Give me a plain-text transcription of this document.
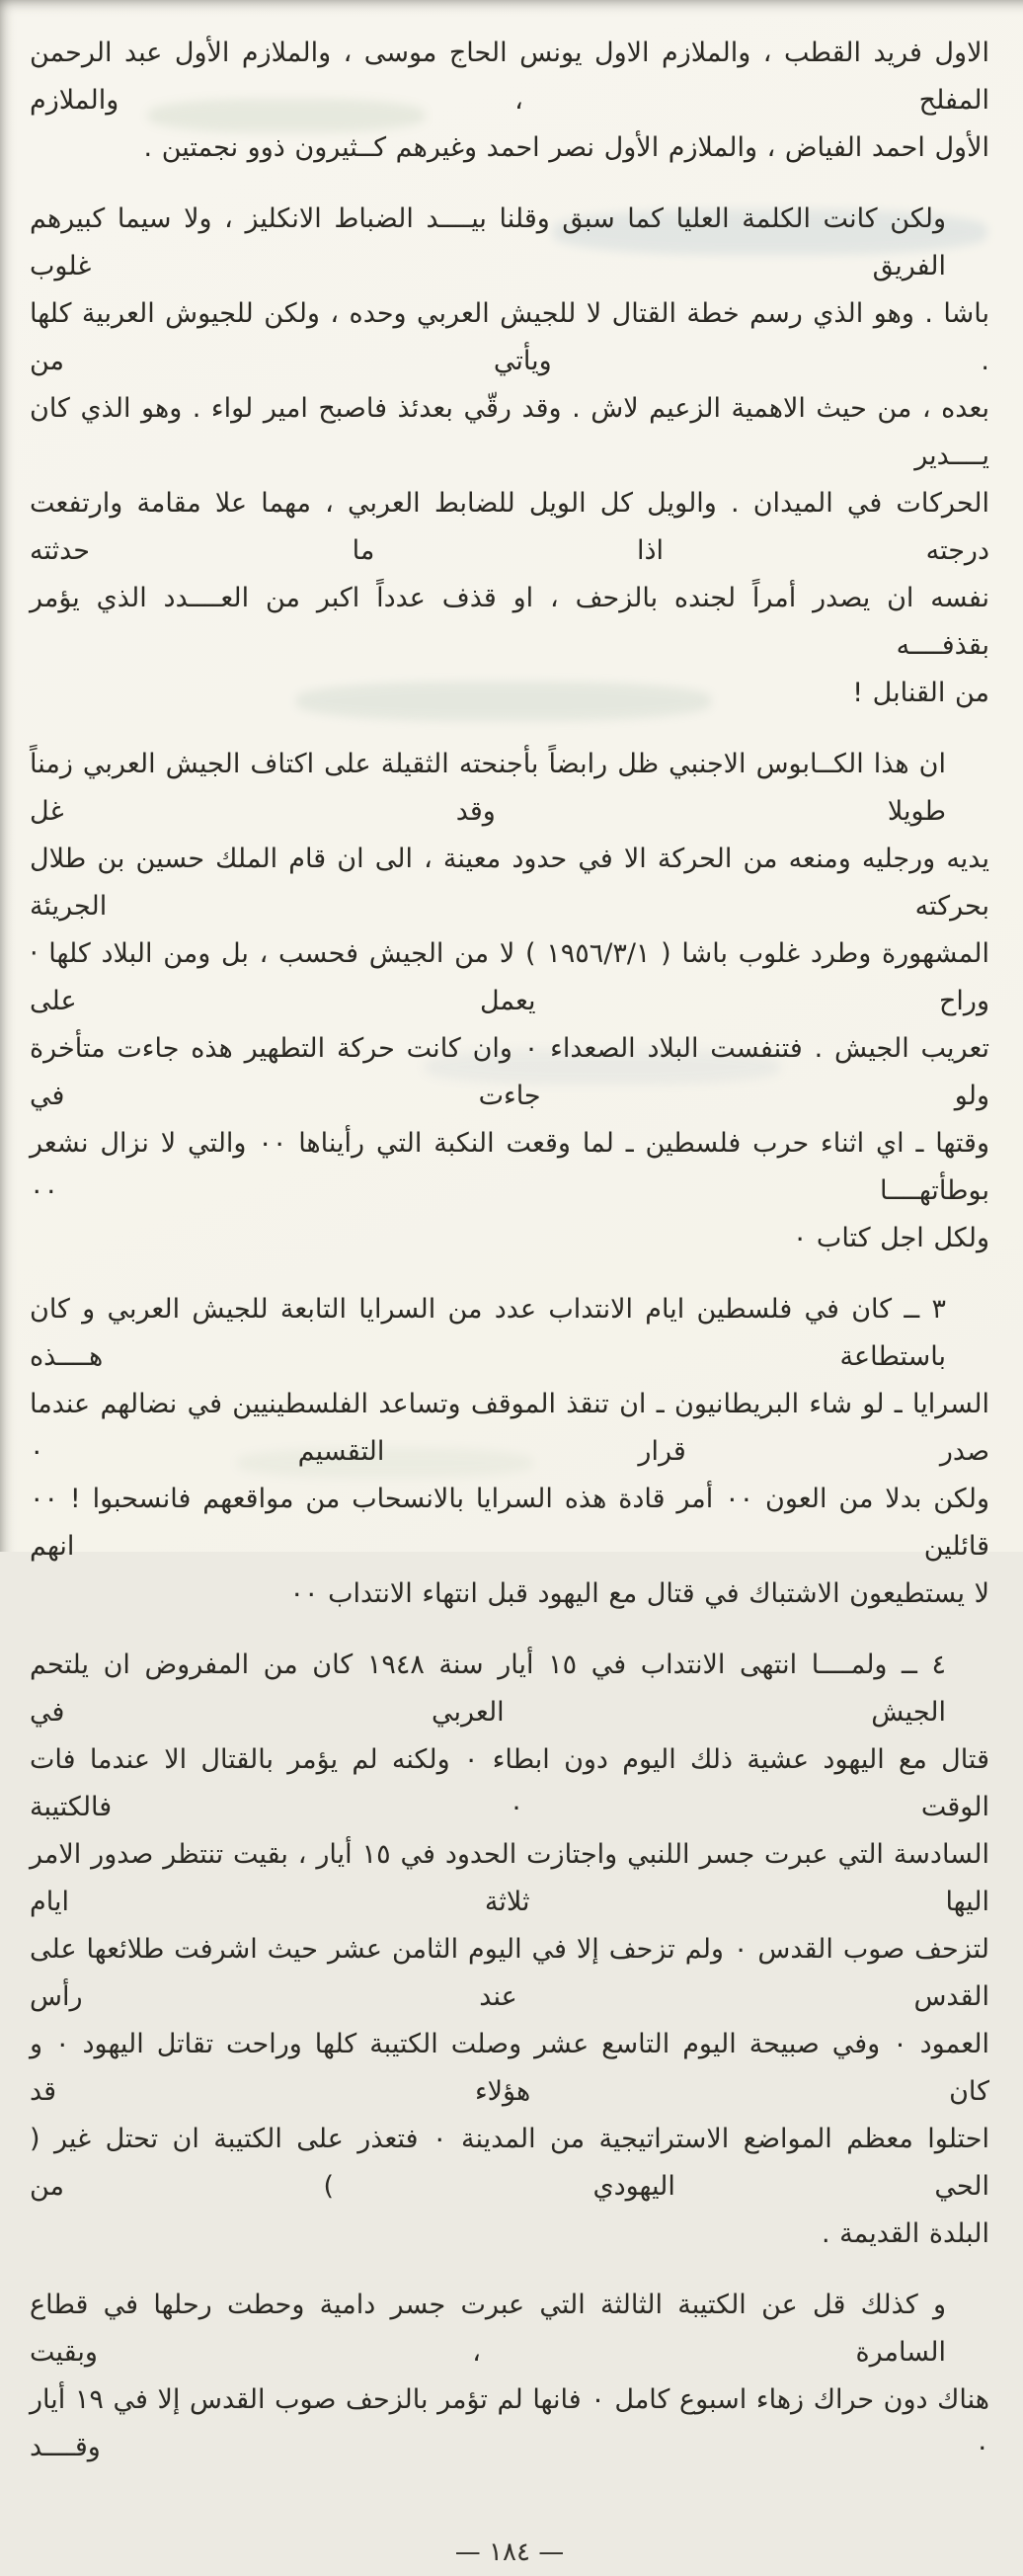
الاول فريد القطب ، والملازم الاول يونس الحاج موسى ، والملازم الأول عبد الرحمن المفلح ، والملازم
الأول احمد الفياض ، والملازم الأول نصر احمد وغيرهم كــثيرون ذوو نجمتين .
ولكن كانت الكلمة العليا كما سبق وقلنا بيــــد الضباط الانكليز ، ولا سيما كبيرهم الفريق غلوب
باشا . وهو الذي رسم خطة القتال لا للجيش العربي وحده ، ولكن للجيوش العربية كلها . ويأتي من
بعده ، من حيث الاهمية الزعيم لاش . وقد رقّي بعدئذ فاصبح امير لواء . وهو الذي كان يــــدير
الحركات في الميدان . والويل كل الويل للضابط العربي ، مهما علا مقامة وارتفعت درجته اذا ما حدثته
نفسه ان يصدر أمراً لجنده بالزحف ، او قذف عدداً اكبر من العــــدد الذي يؤمر بقذفــــه
من القنابل !
ان هذا الكــابوس الاجنبي ظل رابضاً بأجنحته الثقيلة على اكتاف الجيش العربي زمناً طويلا وقد غل
يديه ورجليه ومنعه من الحركة الا في حدود معينة ، الى ان قام الملك حسين بن طلال بحركته الجريئة
المشهورة وطرد غلوب باشا ( ١٩٥٦/٣/١ ) لا من الجيش فحسب ، بل ومن البلاد كلها · وراح يعمل على
تعريب الجيش . فتنفست البلاد الصعداء ٠ وان كانت حركة التطهير هذه جاءت متأخرة ولو جاءت في
وقتها ـ اي اثناء حرب فلسطين ـ لما وقعت النكبة التي رأيناها ٠٠ والتي لا نزال نشعر بوطأتهــــا ٠٠
ولكل اجل كتاب ٠
٣ ــ كان في فلسطين ايام الانتداب عدد من السرايا التابعة للجيش العربي و كان باستطاعة هــــذه
السرايا ـ لو شاء البريطانيون ـ ان تنقذ الموقف وتساعد الفلسطينيين في نضالهم عندما صدر قرار التقسيم ٠
ولكن بدلا من العون ٠٠ أمر قادة هذه السرايا بالانسحاب من مواقعهم فانسحبوا ! ٠٠ قائلين انهم
لا يستطيعون الاشتباك في قتال مع اليهود قبل انتهاء الانتداب ٠٠
٤ ــ ولمــــا انتهى الانتداب في ١٥ أيار سنة ١٩٤٨ كان من المفروض ان يلتحم الجيش العربي في
قتال مع اليهود عشية ذلك اليوم دون ابطاء ٠ ولكنه لم يؤمر بالقتال الا عندما فات الوقت ٠ فالكتيبة
السادسة التي عبرت جسر اللنبي واجتازت الحدود في ١٥ أيار ، بقيت تنتظر صدور الامر اليها ثلاثة ايام
لتزحف صوب القدس ٠ ولم تزحف إلا في اليوم الثامن عشر حيث اشرفت طلائعها على القدس عند رأس
العمود ٠ وفي صبيحة اليوم التاسع عشر وصلت الكتيبة كلها وراحت تقاتل اليهود ٠ و كان هؤلاء قد
احتلوا معظم المواضع الاستراتيجية من المدينة ٠ فتعذر على الكتيبة ان تحتل غير ( الحي اليهودي ) من
البلدة القديمة .
و كذلك قل عن الكتيبة الثالثة التي عبرت جسر دامية وحطت رحلها في قطاع السامرة ، وبقيت
هناك دون حراك زهاء اسبوع كامل ٠ فانها لم تؤمر بالزحف صوب القدس إلا في ١٩ أيار ٠ وقــــد
— ١٨٤ —
